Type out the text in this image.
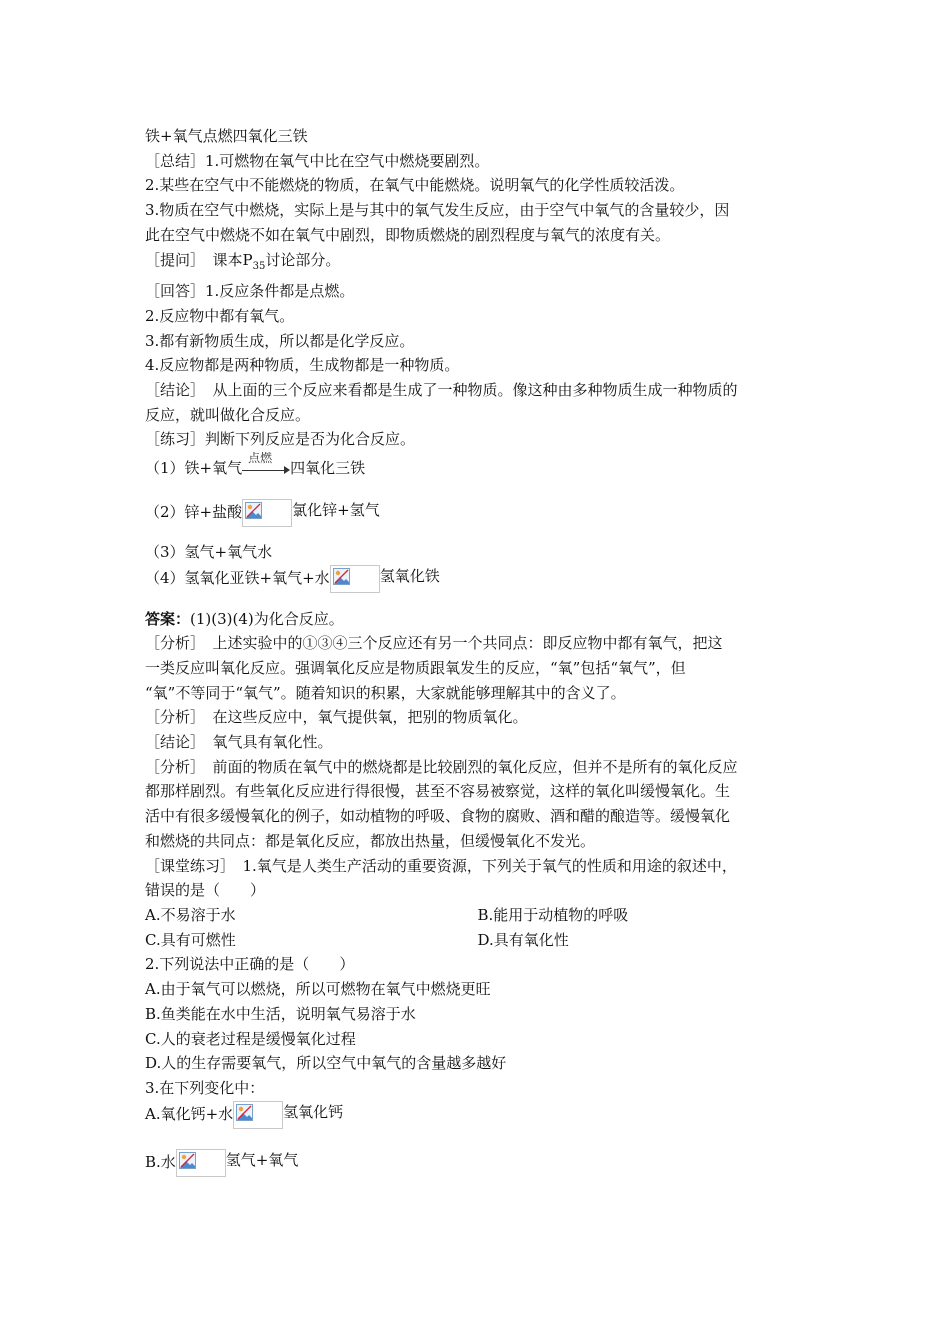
铁+氧气点燃四氧化三铁
［总结］1.可燃物在氧气中比在空气中燃烧要剧烈。
2.某些在空气中不能燃烧的物质，在氧气中能燃烧。说明氧气的化学性质较活泼。
3.物质在空气中燃烧，实际上是与其中的氧气发生反应，由于空气中氧气的含量较少，因
此在空气中燃烧不如在氧气中剧烈，即物质燃烧的剧烈程度与氧气的浓度有关。
［提问］　课本$P_{35}$讨论部分。
［回答］1.反应条件都是点燃。
2.反应物中都有氧气。
3.都有新物质生成，所以都是化学反应。
4.反应物都是两种物质，生成物都是一种物质。
［结论］　从上面的三个反应来看都是生成了一种物质。像这种由多种物质生成一种物质的
反应，就叫做化合反应。
［练习］判断下列反应是否为化合反应。
（1）铁+氧气
点燃
四氧化三铁
（2）锌+盐酸	氯化锌+氢气
（3）氢气+氧气水
（4）氢氧化亚铁+氧气+水	氢氧化铁
答案：(1)(3)(4)为化合反应。
［分析］　上述实验中的①③④三个反应还有另一个共同点：即反应物中都有氧气，把这
一类反应叫氧化反应。强调氧化反应是物质跟氧发生的反应，“氧”包括“氧气”，但
“氧”不等同于“氧气”。随着知识的积累，大家就能够理解其中的含义了。
［分析］　在这些反应中，氧气提供氧，把别的物质氧化。
［结论］　氧气具有氧化性。
［分析］　前面的物质在氧气中的燃烧都是比较剧烈的氧化反应，但并不是所有的氧化反应
都那样剧烈。有些氧化反应进行得很慢，甚至不容易被察觉，这样的氧化叫缓慢氧化。生
活中有很多缓慢氧化的例子，如动植物的呼吸、食物的腐败、酒和醋的酿造等。缓慢氧化
和燃烧的共同点：都是氧化反应，都放出热量，但缓慢氧化不发光。
［课堂练习］　1.氧气是人类生产活动的重要资源，下列关于氧气的性质和用途的叙述中，
错误的是（　　）
A.不易溶于水	B.能用于动植物的呼吸
C.具有可燃性	D.具有氧化性
2.下列说法中正确的是（　　）
A.由于氧气可以燃烧，所以可燃物在氧气中燃烧更旺
B.鱼类能在水中生活，说明氧气易溶于水
C.人的衰老过程是缓慢氧化过程
D.人的生存需要氧气，所以空气中氧气的含量越多越好
3.在下列变化中：
A.氧化钙+水	氢氧化钙
B.水	氢气+氧气
